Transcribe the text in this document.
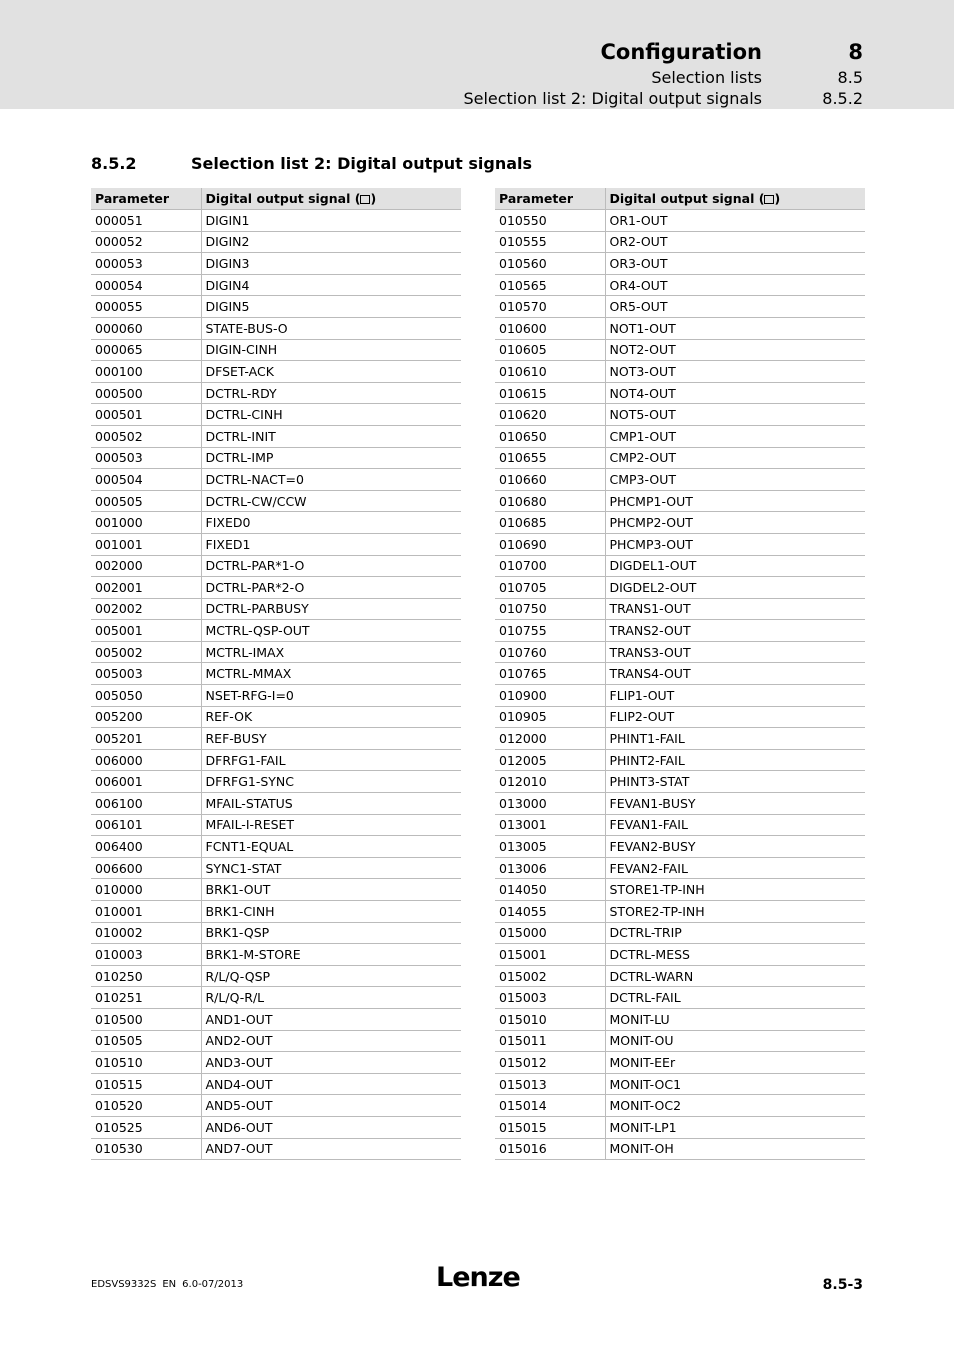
Configuration	8
Selection lists	8.5
Selection list 2: Digital output signals	8.5.2
8.5.2	Selection list 2: Digital output signals
Parameter	Digital output signal ( )
000051	DIGIN1
000052	DIGIN2
000053	DIGIN3
000054	DIGIN4
000055	DIGIN5
000060	STATE-BUS-O
000065	DIGIN-CINH
000100	DFSET-ACK
000500	DCTRL-RDY
000501	DCTRL-CINH
000502	DCTRL-INIT
000503	DCTRL-IMP
000504	DCTRL-NACT=0
000505	DCTRL-CW/CCW
001000	FIXED0
001001	FIXED1
002000	DCTRL-PAR*1-O
002001	DCTRL-PAR*2-O
002002	DCTRL-PARBUSY
005001	MCTRL-QSP-OUT
005002	MCTRL-IMAX
005003	MCTRL-MMAX
005050	NSET-RFG-I=0
005200	REF-OK
005201	REF-BUSY
006000	DFRFG1-FAIL
006001	DFRFG1-SYNC
006100	MFAIL-STATUS
006101	MFAIL-I-RESET
006400	FCNT1-EQUAL
006600	SYNC1-STAT
010000	BRK1-OUT
010001	BRK1-CINH
010002	BRK1-QSP
010003	BRK1-M-STORE
010250	R/L/Q-QSP
010251	R/L/Q-R/L
010500	AND1-OUT
010505	AND2-OUT
010510	AND3-OUT
010515	AND4-OUT
010520	AND5-OUT
010525	AND6-OUT
010530	AND7-OUT
Parameter	Digital output signal ( )
010550	OR1-OUT
010555	OR2-OUT
010560	OR3-OUT
010565	OR4-OUT
010570	OR5-OUT
010600	NOT1-OUT
010605	NOT2-OUT
010610	NOT3-OUT
010615	NOT4-OUT
010620	NOT5-OUT
010650	CMP1-OUT
010655	CMP2-OUT
010660	CMP3-OUT
010680	PHCMP1-OUT
010685	PHCMP2-OUT
010690	PHCMP3-OUT
010700	DIGDEL1-OUT
010705	DIGDEL2-OUT
010750	TRANS1-OUT
010755	TRANS2-OUT
010760	TRANS3-OUT
010765	TRANS4-OUT
010900	FLIP1-OUT
010905	FLIP2-OUT
012000	PHINT1-FAIL
012005	PHINT2-FAIL
012010	PHINT3-STAT
013000	FEVAN1-BUSY
013001	FEVAN1-FAIL
013005	FEVAN2-BUSY
013006	FEVAN2-FAIL
014050	STORE1-TP-INH
014055	STORE2-TP-INH
015000	DCTRL-TRIP
015001	DCTRL-MESS
015002	DCTRL-WARN
015003	DCTRL-FAIL
015010	MONIT-LU
015011	MONIT-OU
015012	MONIT-EEr
015013	MONIT-OC1
015014	MONIT-OC2
015015	MONIT-LP1
015016	MONIT-OH
EDSVS9332S EN 6.0-07/2013	Lenze	8.5-3
